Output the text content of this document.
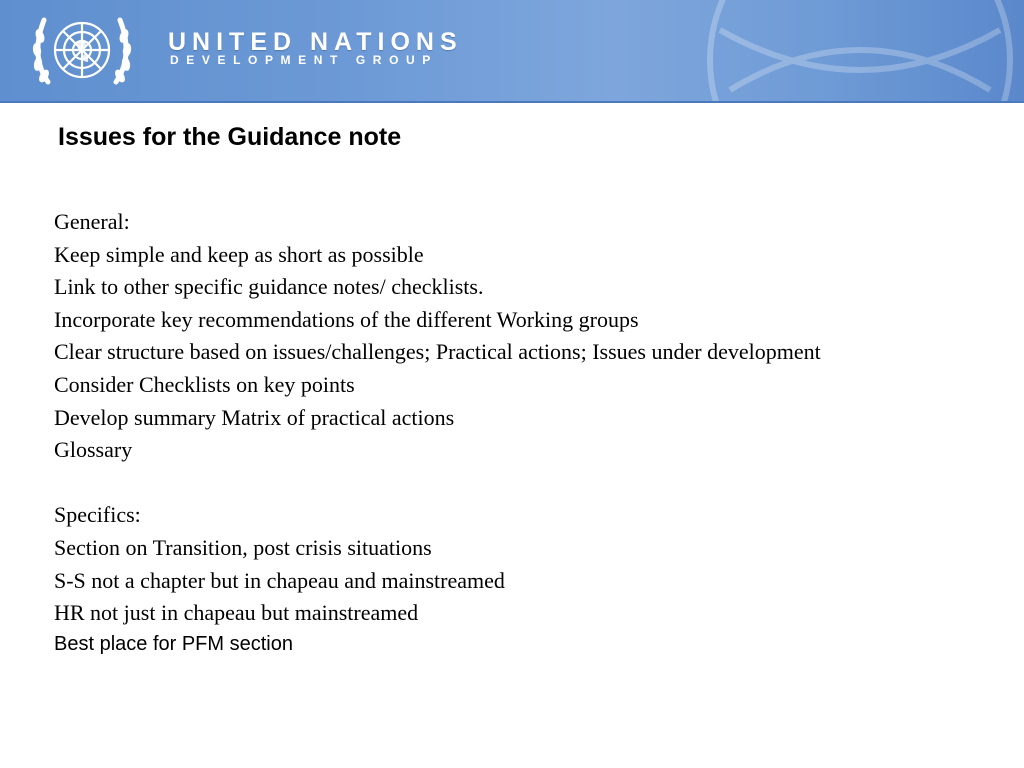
UNITED NATIONS
DEVELOPMENT GROUP
Issues for the Guidance note
General:
Keep simple and keep as short as possible
Link to other specific guidance notes/ checklists.
Incorporate key recommendations of the different Working groups
Clear structure based on issues/challenges; Practical actions; Issues under development
Consider Checklists on key points
Develop summary Matrix of practical actions
Glossary
Specifics:
Section on Transition, post crisis situations
S-S not a chapter but in chapeau and mainstreamed
HR not just in chapeau but mainstreamed
Best place for PFM section
